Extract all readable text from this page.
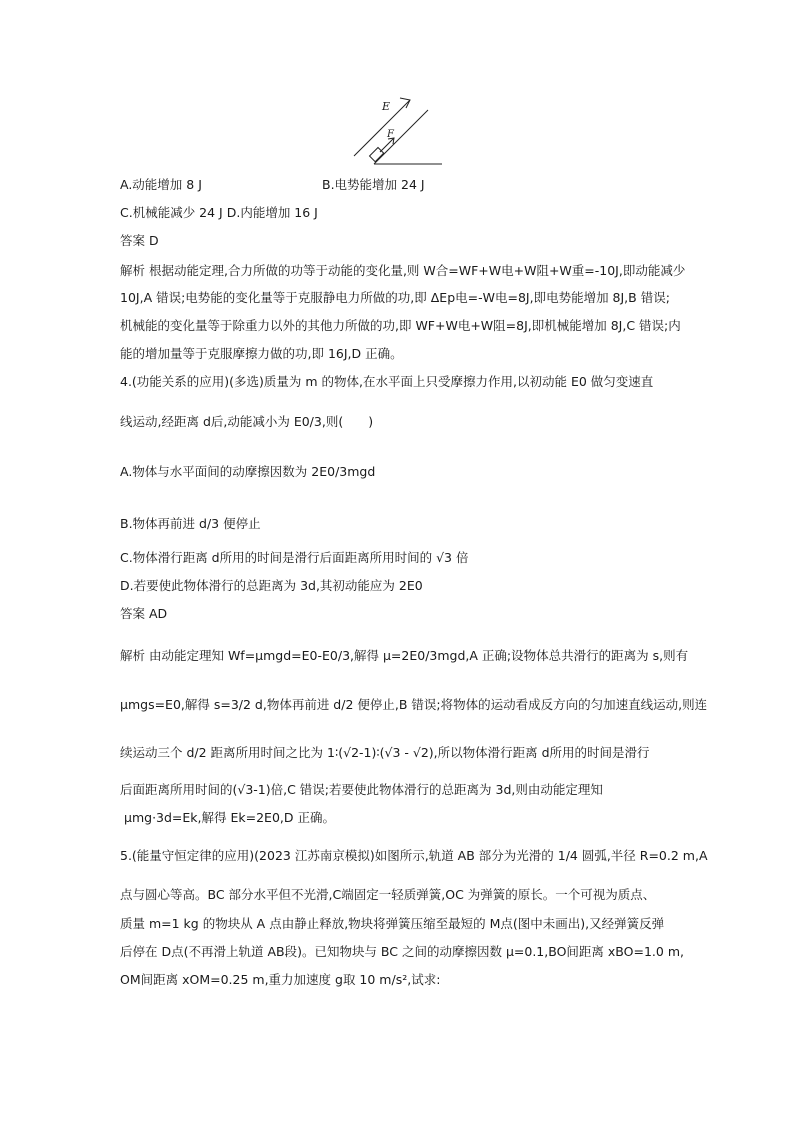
E
F
A.动能增加 8 J	B.电势能增加 24 J
C.机械能减少 24 J D.内能增加 16 J
答案 D
解析 根据动能定理,合力所做的功等于动能的变化量,则 W合=WF+W电+W阻+W重=-10J,即动能减少
10J,A 错误;电势能的变化量等于克服静电力所做的功,即 ΔEp电=-W电=8J,即电势能增加 8J,B 错误;
机械能的变化量等于除重力以外的其他力所做的功,即 WF+W电+W阻=8J,即机械能增加 8J,C 错误;内
能的增加量等于克服摩擦力做的功,即 16J,D 正确。
4.(功能关系的应用)(多选)质量为 m 的物体,在水平面上只受摩擦力作用,以初动能 E0 做匀变速直
线运动,经距离 d后,动能减小为 E0/3,则(　　)
A.物体与水平面间的动摩擦因数为 2E0/3mgd
B.物体再前进 d/3 便停止
C.物体滑行距离 d所用的时间是滑行后面距离所用时间的 √3 倍
D.若要使此物体滑行的总距离为 3d,其初动能应为 2E0
答案 AD
解析 由动能定理知 Wf=μmgd=E0-E0/3,解得 μ=2E0/3mgd,A 正确;设物体总共滑行的距离为 s,则有
μmgs=E0,解得 s=3/2 d,物体再前进 d/2 便停止,B 错误;将物体的运动看成反方向的匀加速直线运动,则连
续运动三个 d/2 距离所用时间之比为 1∶(√2-1)∶(√3 - √2),所以物体滑行距离 d所用的时间是滑行
后面距离所用时间的(√3-1)倍,C 错误;若要使此物体滑行的总距离为 3d,则由动能定理知
μmg·3d=Ek,解得 Ek=2E0,D 正确。
5.(能量守恒定律的应用)(2023 江苏南京模拟)如图所示,轨道 AB 部分为光滑的 1/4 圆弧,半径 R=0.2 m,A
点与圆心等高。BC 部分水平但不光滑,C端固定一轻质弹簧,OC 为弹簧的原长。一个可视为质点、
质量 m=1 kg 的物块从 A 点由静止释放,物块将弹簧压缩至最短的 M点(图中未画出),又经弹簧反弹
后停在 D点(不再滑上轨道 AB段)。已知物块与 BC 之间的动摩擦因数 μ=0.1,BO间距离 xBO=1.0 m,
OM间距离 xOM=0.25 m,重力加速度 g取 10 m/s²,试求:
